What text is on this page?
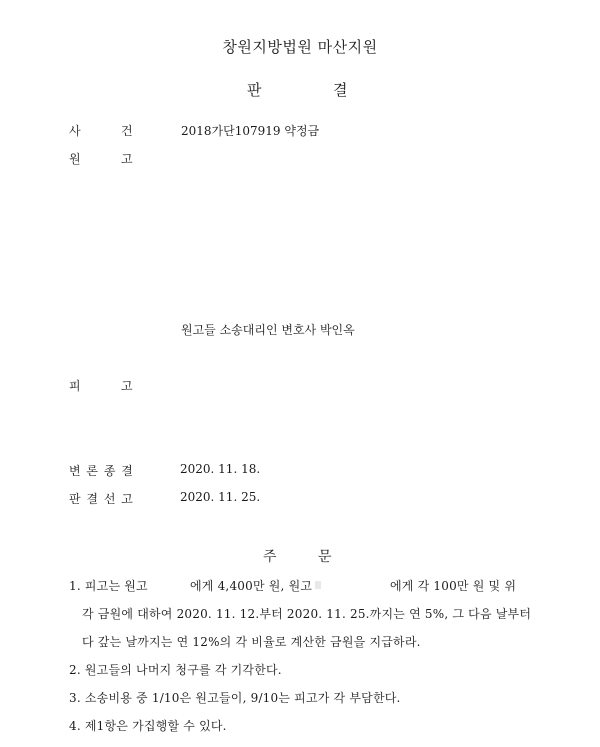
창원지방법원 마산지원
판	결
사	건	2018가단107919 약정금
원	고
원고들 소송대리인 변호사 박인옥
피	고
변 론 종 결	2020. 11. 18.
판 결 선 고	2020. 11. 25.
주	문
1. 피고는 원고	에게 4,400만 원, 원고	에게 각 100만 원 및 위
각 금원에 대하여 2020. 11. 12.부터 2020. 11. 25.까지는 연 5%, 그 다음 날부터
다 갚는 날까지는 연 12%의 각 비율로 계산한 금원을 지급하라.
2. 원고들의 나머지 청구를 각 기각한다.
3. 소송비용 중 1/10은 원고들이, 9/10는 피고가 각 부담한다.
4. 제1항은 가집행할 수 있다.
